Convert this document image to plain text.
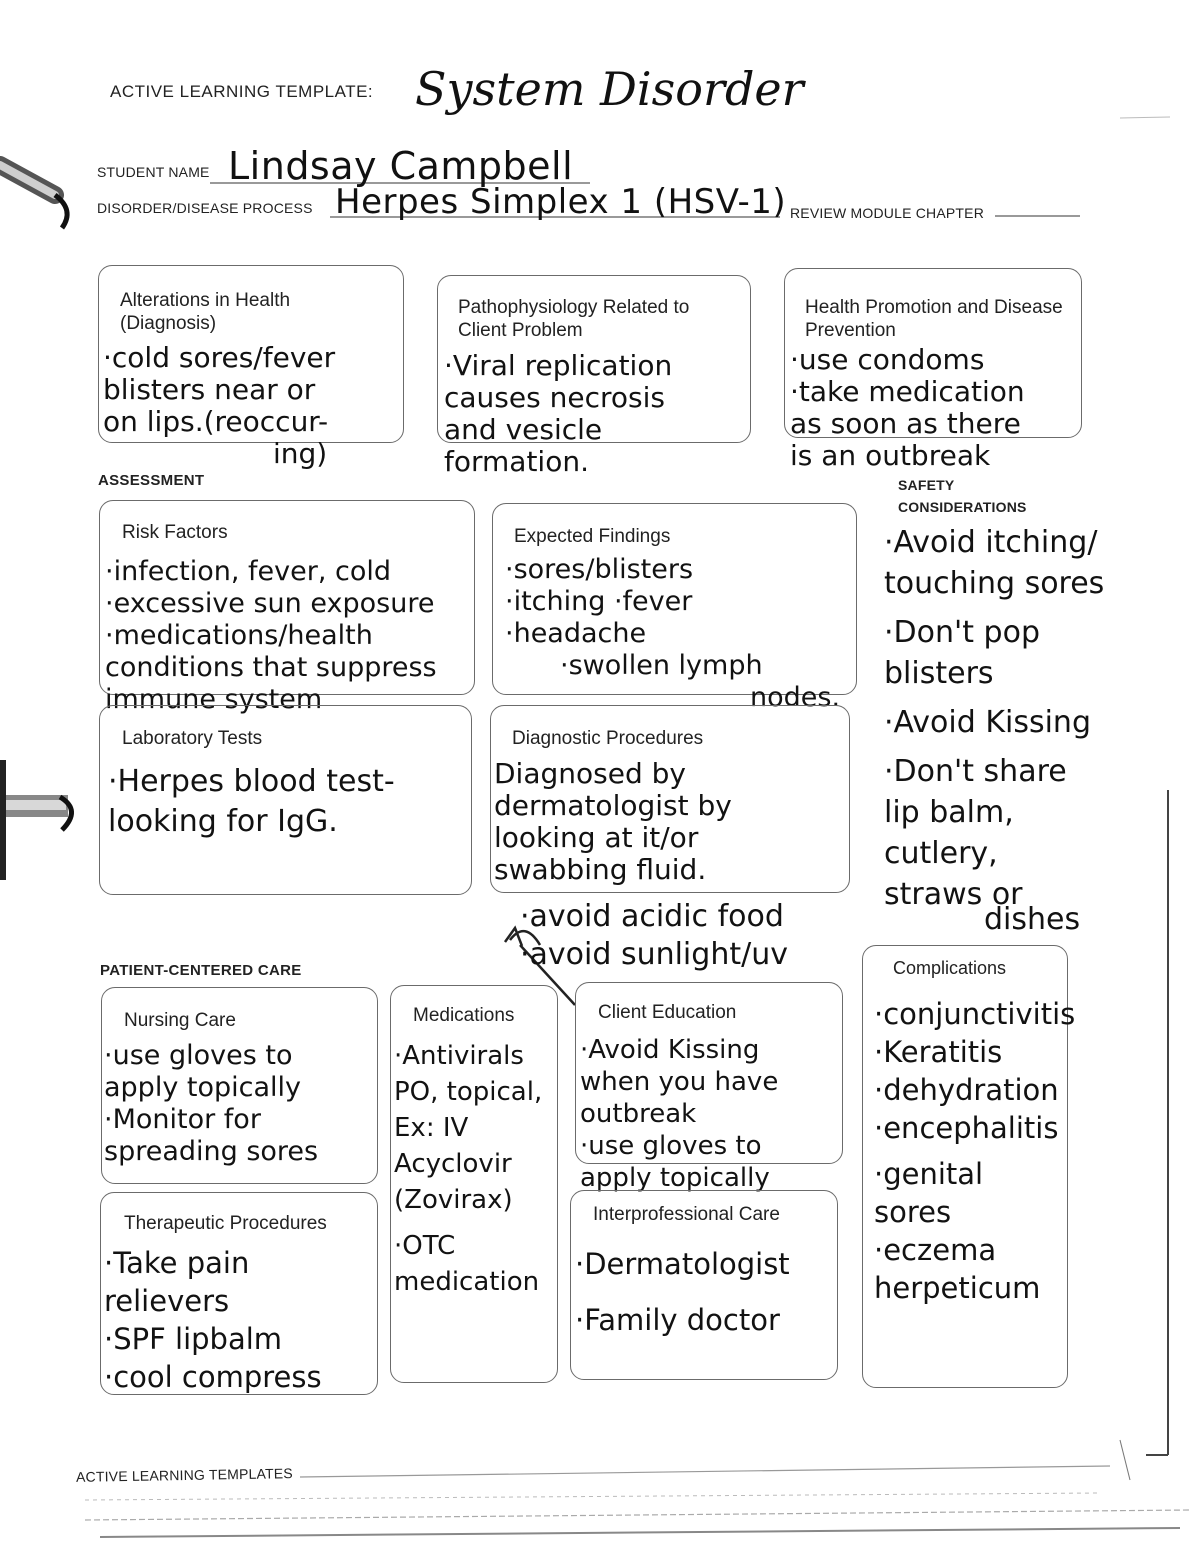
ACTIVE LEARNING TEMPLATE: System Disorder
STUDENT NAME Lindsay Campbell
DISORDER/DISEASE PROCESS Herpes Simplex 1 (HSV-1) REVIEW MODULE CHAPTER
Alterations in Health (Diagnosis)
·cold sores/fever
blisters near or
on lips.(reoccur-
ing)
Pathophysiology Related to Client Problem
·Viral replication
causes necrosis
and vesicle
formation.
Health Promotion and Disease Prevention
·use condoms
·take medication
as soon as there
is an outbreak
ASSESSMENT
Risk Factors
·infection, fever, cold
·excessive sun exposure
·medications/health
conditions that suppress
immune system
Expected Findings
·sores/blisters
·itching ·fever
·headache
·swollen lymph
nodes.
Laboratory Tests
·Herpes blood test-
looking for IgG.
Diagnostic Procedures
Diagnosed by
dermatologist by
looking at it/or
swabbing fluid.
SAFETY
CONSIDERATIONS
·Avoid itching/
touching sores
·Don't pop
blisters
·Avoid Kissing
·Don't share
lip balm,
cutlery,
straws or
dishes
·avoid acidic food
·avoid sunlight/uv
PATIENT-CENTERED CARE
Nursing Care
·use gloves to
apply topically
·Monitor for
spreading sores
Medications
·Antivirals
PO, topical,
Ex: IV
Acyclovir
(Zovirax)
·OTC
medication
Client Education
·Avoid Kissing
when you have
outbreak
·use gloves to
apply topically
Therapeutic Procedures
·Take pain
relievers
·SPF lipbalm
·cool compress
Interprofessional Care
·Dermatologist
·Family doctor
Complications
·conjunctivitis
·Keratitis
·dehydration
·encephalitis
·genital
sores
·eczema
herpeticum
ACTIVE LEARNING TEMPLATES
